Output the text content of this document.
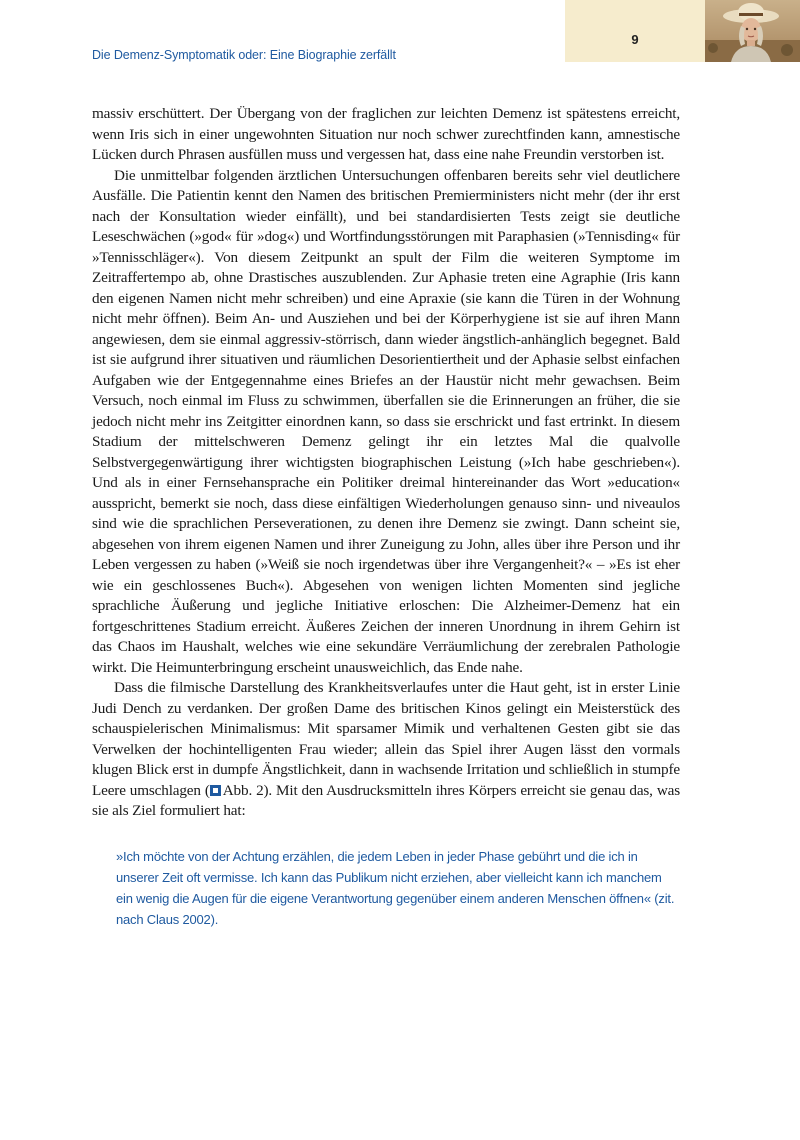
Die Demenz-Symptomatik oder: Eine Biographie zerfällt
9

massiv erschüttert. Der Übergang von der fraglichen zur leichten Demenz ist spätestens erreicht, wenn Iris sich in einer ungewohnten Situation nur noch schwer zurechtfinden kann, amnestische Lücken durch Phrasen ausfüllen muss und vergessen hat, dass eine nahe Freundin verstorben ist.

Die unmittelbar folgenden ärztlichen Untersuchungen offenbaren bereits sehr viel deutlichere Ausfälle. Die Patientin kennt den Namen des britischen Premierministers nicht mehr (der ihr erst nach der Konsultation wieder einfällt), und bei standardisierten Tests zeigt sie deutliche Leseschwächen (»god« für »dog«) und Wortfindungsstörungen mit Paraphasien (»Tennisding« für »Tennisschläger«). Von diesem Zeitpunkt an spult der Film die weiteren Symptome im Zeitraffertempo ab, ohne Drastisches auszublenden. Zur Aphasie treten eine Agraphie (Iris kann den eigenen Namen nicht mehr schreiben) und eine Apraxie (sie kann die Türen in der Wohnung nicht mehr öffnen). Beim An- und Ausziehen und bei der Körperhygiene ist sie auf ihren Mann angewiesen, dem sie einmal aggressiv-störrisch, dann wieder ängstlich-anhänglich begegnet. Bald ist sie aufgrund ihrer situativen und räumlichen Desorientiertheit und der Aphasie selbst einfachen Aufgaben wie der Entgegennahme eines Briefes an der Haustür nicht mehr gewachsen. Beim Versuch, noch einmal im Fluss zu schwimmen, überfallen sie die Erinnerungen an früher, die sie jedoch nicht mehr ins Zeitgitter einordnen kann, so dass sie erschrickt und fast ertrinkt. In diesem Stadium der mittelschweren Demenz gelingt ihr ein letztes Mal die qualvolle Selbstvergegenwärtigung ihrer wichtigsten biographischen Leistung (»Ich habe geschrieben«). Und als in einer Fernsehansprache ein Politiker dreimal hintereinander das Wort »education« ausspricht, bemerkt sie noch, dass diese einfältigen Wiederholungen genauso sinn- und niveaulos sind wie die sprachlichen Perseverationen, zu denen ihre Demenz sie zwingt. Dann scheint sie, abgesehen von ihrem eigenen Namen und ihrer Zuneigung zu John, alles über ihre Person und ihr Leben vergessen zu haben (»Weiß sie noch irgendetwas über ihre Vergangenheit?« – »Es ist eher wie ein geschlossenes Buch«). Abgesehen von wenigen lichten Momenten sind jegliche sprachliche Äußerung und jegliche Initiative erloschen: Die Alzheimer-Demenz hat ein fortgeschrittenes Stadium erreicht. Äußeres Zeichen der inneren Unordnung in ihrem Gehirn ist das Chaos im Haushalt, welches wie eine sekundäre Verräumlichung der zerebralen Pathologie wirkt. Die Heimunterbringung erscheint unausweichlich, das Ende nahe.

Dass die filmische Darstellung des Krankheitsverlaufes unter die Haut geht, ist in erster Linie Judi Dench zu verdanken. Der großen Dame des britischen Kinos gelingt ein Meisterstück des schauspielerischen Minimalismus: Mit sparsamer Mimik und verhaltenen Gesten gibt sie das Verwelken der hochintelligenten Frau wieder; allein das Spiel ihrer Augen lässt den vormals klugen Blick erst in dumpfe Ängstlichkeit, dann in wachsende Irritation und schließlich in stumpfe Leere umschlagen ( Abb. 2). Mit den Ausdrucksmitteln ihres Körpers erreicht sie genau das, was sie als Ziel formuliert hat:

»Ich möchte von der Achtung erzählen, die jedem Leben in jeder Phase gebührt und die ich in unserer Zeit oft vermisse. Ich kann das Publikum nicht erziehen, aber vielleicht kann ich manchem ein wenig die Augen für die eigene Verantwortung gegenüber einem anderen Menschen öffnen« (zit. nach Claus 2002).
